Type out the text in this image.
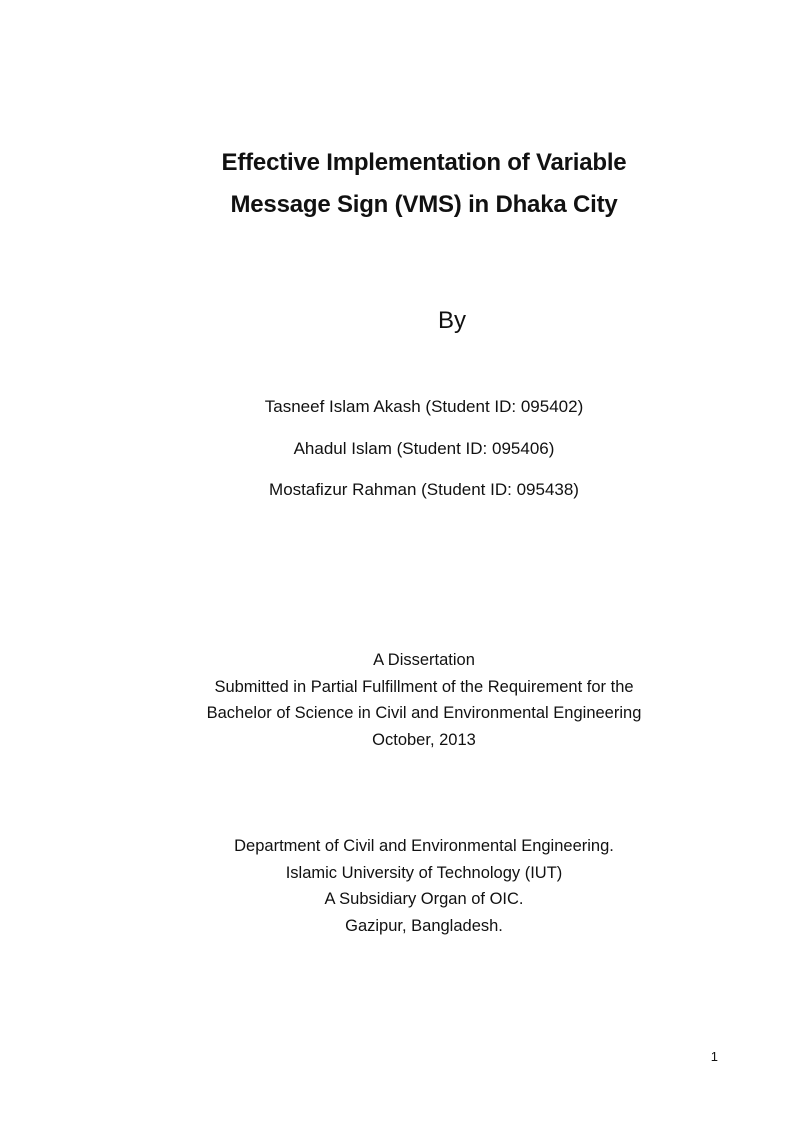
Effective Implementation of Variable
Message Sign (VMS) in Dhaka City
By
Tasneef Islam Akash (Student ID: 095402)
Ahadul Islam (Student ID: 095406)
Mostafizur Rahman (Student ID: 095438)
A Dissertation
Submitted in Partial Fulfillment of the Requirement for the
Bachelor of Science in Civil and Environmental Engineering
October, 2013
Department of Civil and Environmental Engineering.
Islamic University of Technology (IUT)
A Subsidiary Organ of OIC.
Gazipur, Bangladesh.
1
